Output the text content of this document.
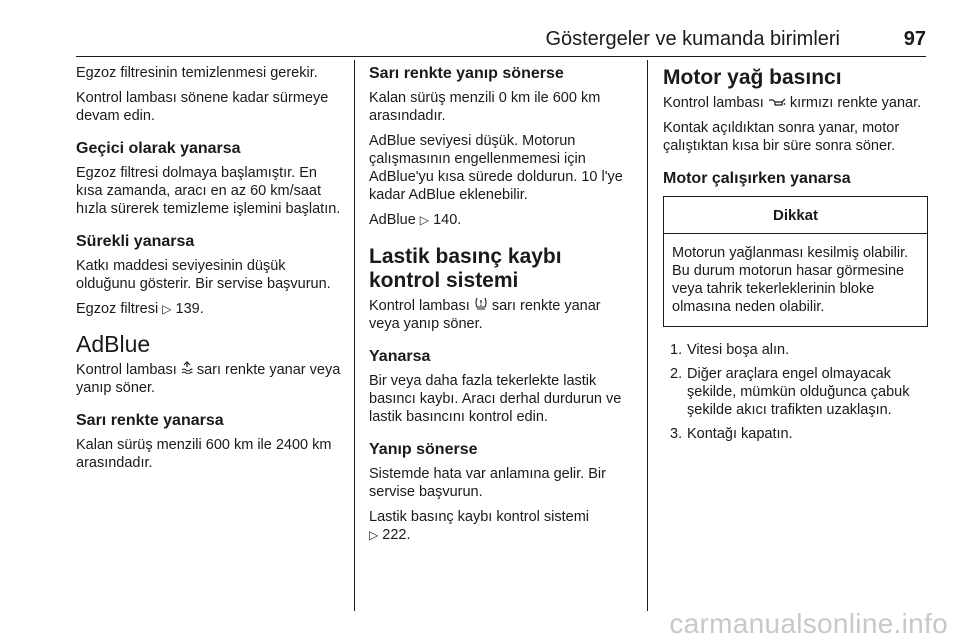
Göstergeler ve kumanda birimleri	97

Egzoz filtresinin temizlenmesi gerekir.

Kontrol lambası sönene kadar sürmeye devam edin.

Geçici olarak yanarsa

Egzoz filtresi dolmaya başlamıştır. En kısa zamanda, aracı en az 60 km/saat hızla sürerek temizleme işlemini başlatın.

Sürekli yanarsa

Katkı maddesi seviyesinin düşük olduğunu gösterir. Bir servise başvurun.

Egzoz filtresi ▷ 139.

AdBlue

Kontrol lambası sarı renkte yanar veya yanıp söner.

Sarı renkte yanarsa

Kalan sürüş menzili 600 km ile 2400 km arasındadır.

Sarı renkte yanıp sönerse

Kalan sürüş menzili 0 km ile 600 km arasındadır.

AdBlue seviyesi düşük. Motorun çalışmasının engellenmemesi için AdBlue'yu kısa sürede doldurun. 10 l'ye kadar AdBlue eklenebilir.

AdBlue ▷ 140.

Lastik basınç kaybı kontrol sistemi

Kontrol lambası sarı renkte yanar veya yanıp söner.

Yanarsa

Bir veya daha fazla tekerlekte lastik basıncı kaybı. Aracı derhal durdurun ve lastik basıncını kontrol edin.

Yanıp sönerse

Sistemde hata var anlamına gelir. Bir servise başvurun.

Lastik basınç kaybı kontrol sistemi

▷ 222.

Motor yağ basıncı

Kontrol lambası kırmızı renkte yanar.

Kontak açıldıktan sonra yanar, motor çalıştıktan kısa bir süre sonra söner.

Motor çalışırken yanarsa
Dikkat
Motorun yağlanması kesilmiş olabilir. Bu durum motorun hasar görmesine veya tahrik tekerleklerinin bloke olmasına neden olabilir.
1. Vitesi boşa alın.
2. Diğer araçlara engel olmayacak şekilde, mümkün olduğunca çabuk şekilde akıcı trafikten uzaklaşın.
3. Kontağı kapatın.
carmanualsonline.info
